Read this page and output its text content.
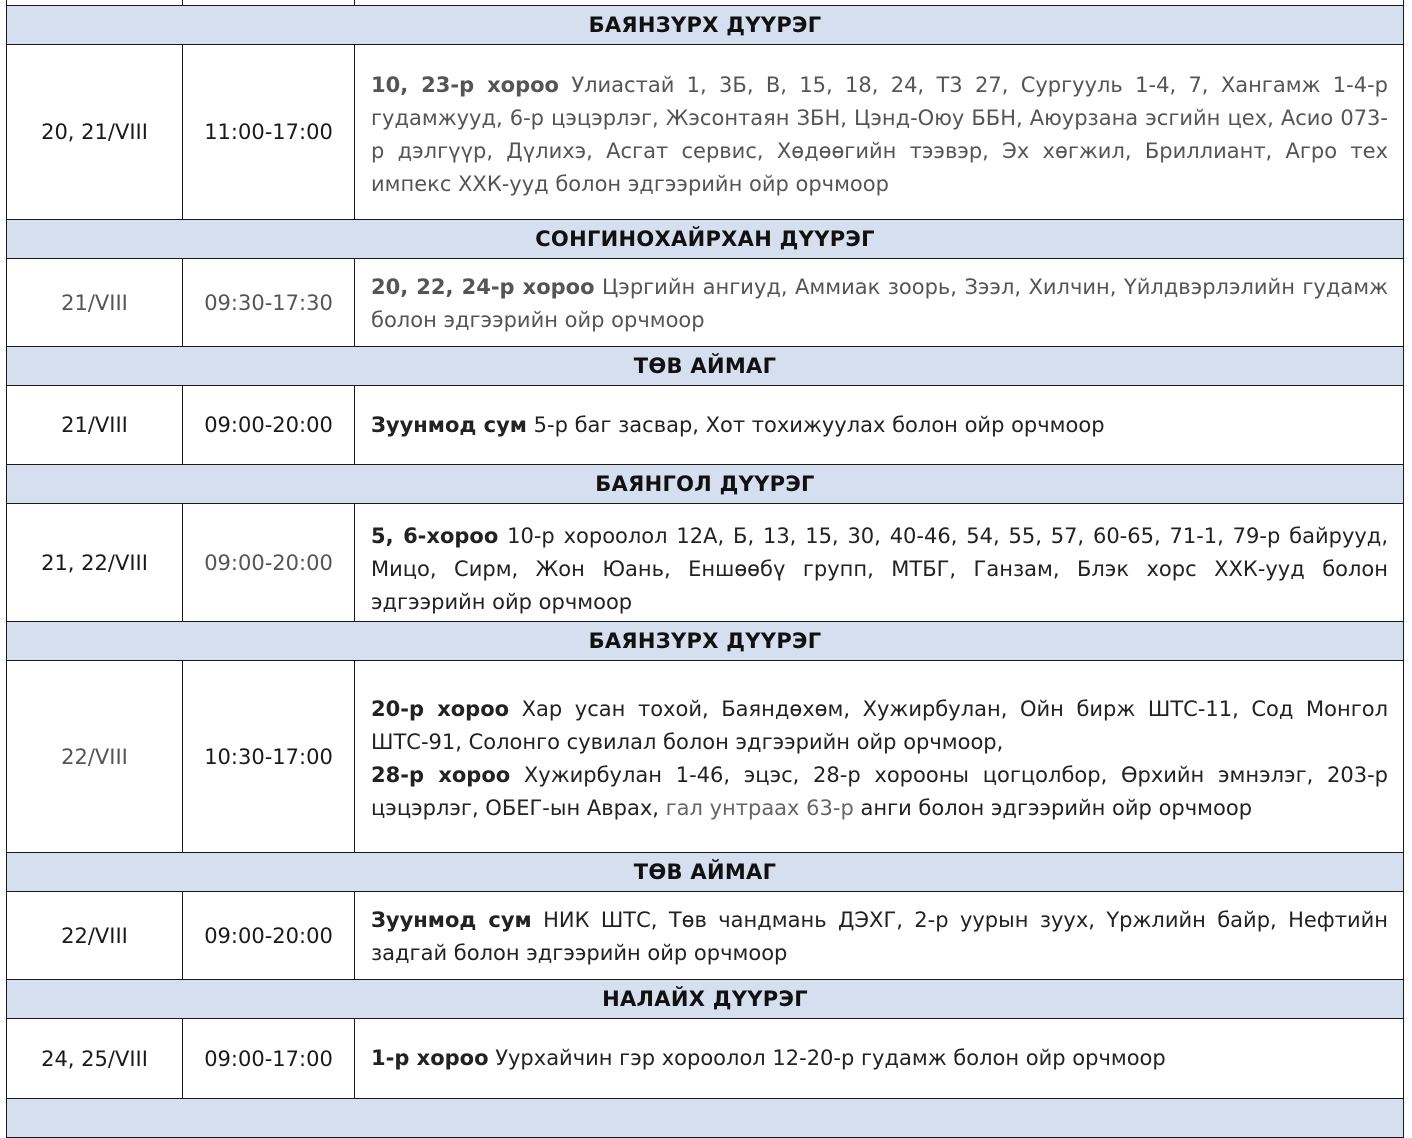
БАЯНЗҮРХ ДҮҮРЭГ		
20, 21/VIII	11:00-17:00	10, 23-р хороо Улиастай 1, 3Б, В, 15, 18, 24, Т3 27, Сургууль 1-4, 7, Хангамж 1-4-р гудамжууд, 6-р цэцэрлэг, Жэсонтаян ЗБН, Цэнд-Оюу ББН, Аюурзана эсгийн цех, Асио 073-р дэлгүүр, Дүлихэ, Асгат сервис, Хөдөөгийн тээвэр, Эх хөгжил, Бриллиант, Агро тех импекс ХХК-ууд болон эдгээрийн ойр орчмоор
СОНГИНОХАЙРХАН ДҮҮРЭГ		
21/VIII	09:30-17:30	20, 22, 24-р хороо Цэргийн ангиуд, Аммиак зоорь, Зээл, Хилчин, Үйлдвэрлэлийн гудамж болон эдгээрийн ойр орчмоор
ТӨВ АЙМАГ		
21/VIII	09:00-20:00	Зуунмод сум 5-р баг засвар, Хот тохижуулах болон ойр орчмоор
БАЯНГОЛ ДҮҮРЭГ		
21, 22/VIII	09:00-20:00	5, 6-хороо 10-р хороолол 12А, Б, 13, 15, 30, 40-46, 54, 55, 57, 60-65, 71-1, 79-р байрууд, Мицо, Сирм, Жон Юань, Еншөөбү групп, МТБГ, Ганзам, Блэк хорс ХХК-ууд болон эдгээрийн ойр орчмоор
БАЯНЗҮРХ ДҮҮРЭГ		
22/VIII	10:30-17:00	20-р хороо Хар усан тохой, Баяндөхөм, Хужирбулан, Ойн бирж ШТС-11, Сод Монгол ШТС-91, Солонго сувилал болон эдгээрийн ойр орчмоор,
28-р хороо Хужирбулан 1-46, эцэс, 28-р хорооны цогцолбор, Өрхийн эмнэлэг, 203-р цэцэрлэг, ОБЕГ-ын Аврах, гал унтраах 63-р анги болон эдгээрийн ойр орчмоор
ТӨВ АЙМАГ		
22/VIII	09:00-20:00	Зуунмод сум НИК ШТС, Төв чандмань ДЭХГ, 2-р уурын зуух, Үржлийн байр, Нефтийн задгай болон эдгээрийн ойр орчмоор
НАЛАЙХ ДҮҮРЭГ		
24, 25/VIII	09:00-17:00	1-р хороо Уурхайчин гэр хороолол 12-20-р гудамж болон ойр орчмоор
